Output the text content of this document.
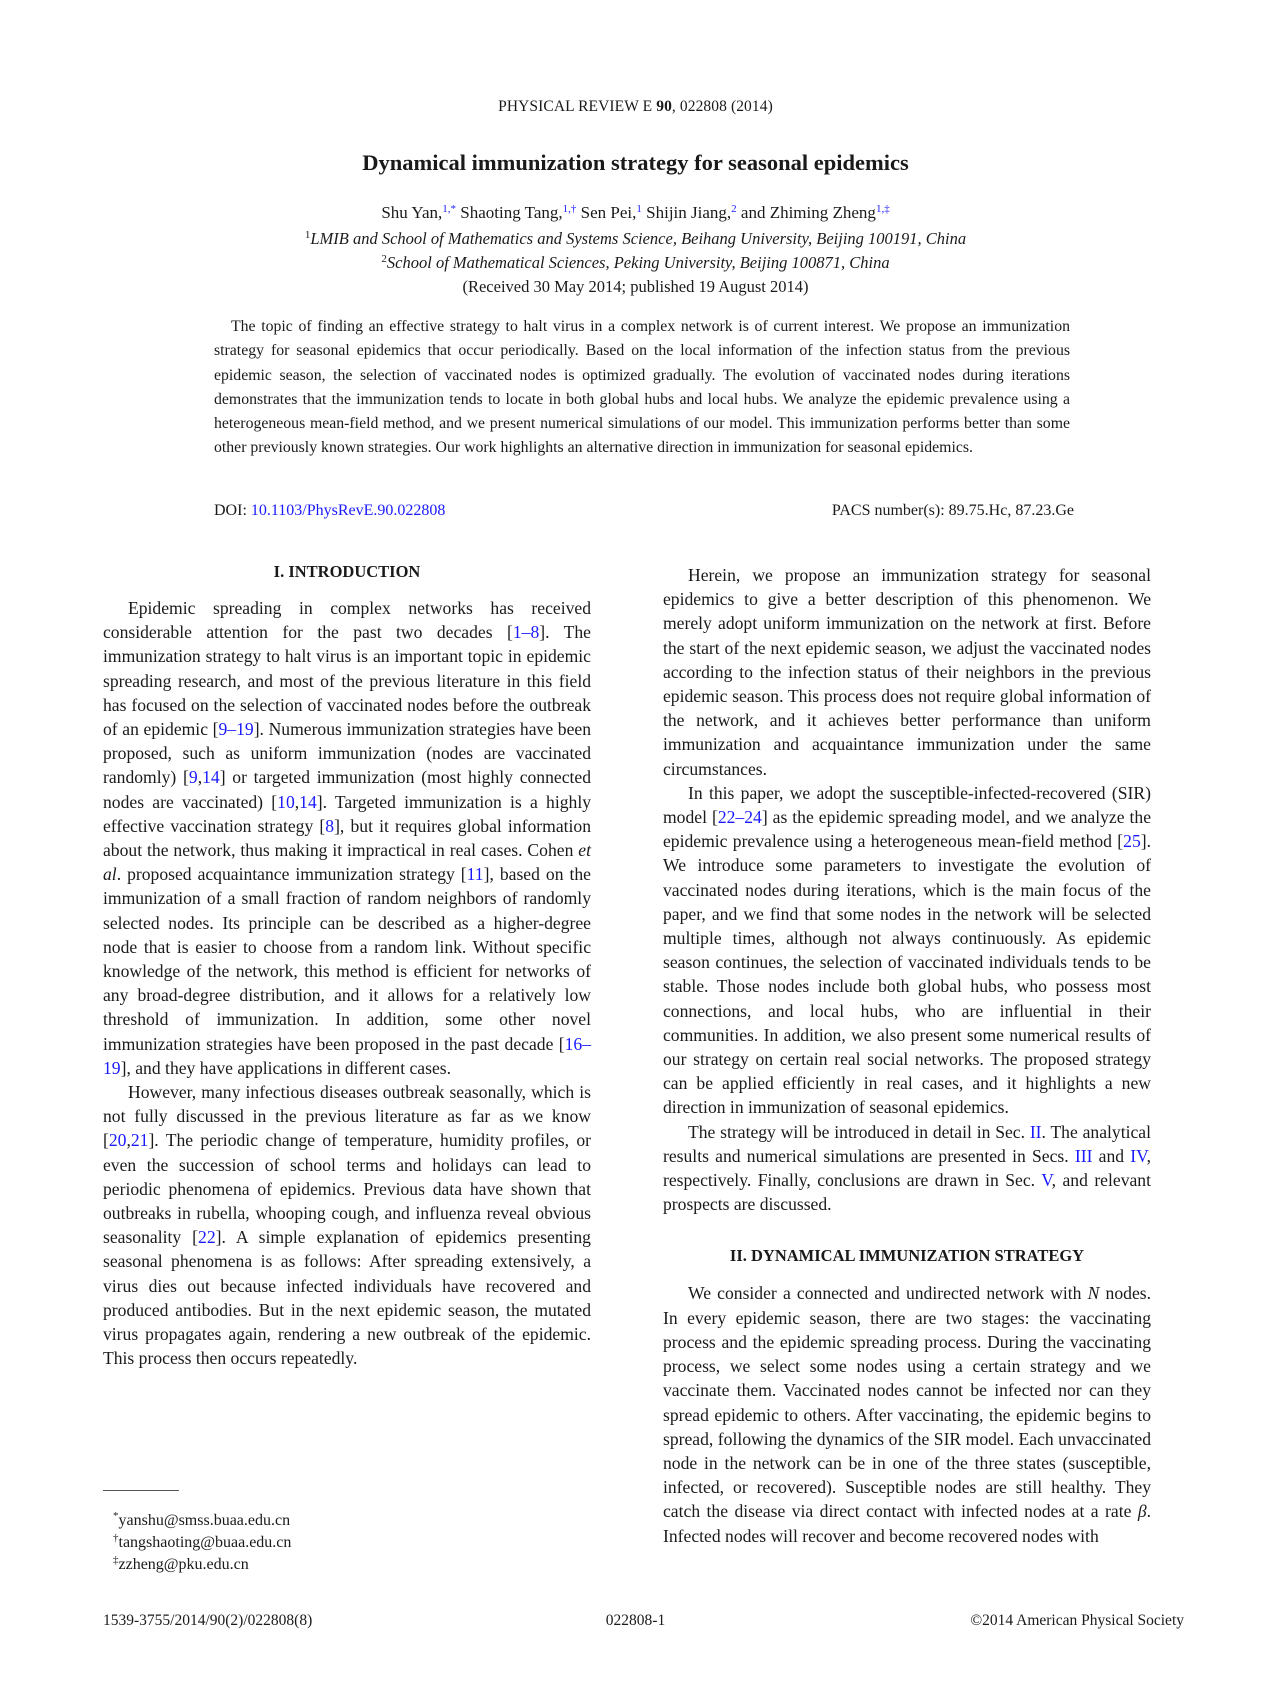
PHYSICAL REVIEW E 90, 022808 (2014)
Dynamical immunization strategy for seasonal epidemics
Shu Yan,$^{1,*}$ Shaoting Tang,$^{1,\dagger}$ Sen Pei,$^1$ Shijin Jiang,$^2$ and Zhiming Zheng$^{1,\ddagger}$
$^1$LMIB and School of Mathematics and Systems Science, Beihang University, Beijing 100191, China
$^2$School of Mathematical Sciences, Peking University, Beijing 100871, China
(Received 30 May 2014; published 19 August 2014)
The topic of finding an effective strategy to halt virus in a complex network is of current interest. We propose an immunization strategy for seasonal epidemics that occur periodically. Based on the local information of the infection status from the previous epidemic season, the selection of vaccinated nodes is optimized gradually. The evolution of vaccinated nodes during iterations demonstrates that the immunization tends to locate in both global hubs and local hubs. We analyze the epidemic prevalence using a heterogeneous mean-field method, and we present numerical simulations of our model. This immunization performs better than some other previously known strategies. Our work highlights an alternative direction in immunization for seasonal epidemics.
DOI: 10.1103/PhysRevE.90.022808	PACS number(s): 89.75.Hc, 87.23.Ge
I. INTRODUCTION

Epidemic spreading in complex networks has received considerable attention for the past two decades [1–8]. The immunization strategy to halt virus is an important topic in epidemic spreading research, and most of the previous literature in this field has focused on the selection of vaccinated nodes before the outbreak of an epidemic [9–19]. Numerous immunization strategies have been proposed, such as uniform immunization (nodes are vaccinated randomly) [9,14] or targeted immunization (most highly connected nodes are vaccinated) [10,14]. Targeted immunization is a highly effective vaccination strategy [8], but it requires global information about the network, thus making it impractical in real cases. Cohen et al. proposed acquaintance immunization strategy [11], based on the immunization of a small fraction of random neighbors of randomly selected nodes. Its principle can be described as a higher-degree node that is easier to choose from a random link. Without specific knowledge of the network, this method is efficient for networks of any broad-degree distribution, and it allows for a relatively low threshold of immunization. In addition, some other novel immunization strategies have been proposed in the past decade [16–19], and they have applications in different cases.

However, many infectious diseases outbreak seasonally, which is not fully discussed in the previous literature as far as we know [20,21]. The periodic change of temperature, humidity profiles, or even the succession of school terms and holidays can lead to periodic phenomena of epidemics. Previous data have shown that outbreaks in rubella, whooping cough, and influenza reveal obvious seasonality [22]. A simple explanation of epidemics presenting seasonal phenomena is as follows: After spreading extensively, a virus dies out because infected individuals have recovered and produced antibodies. But in the next epidemic season, the mutated virus propagates again, rendering a new outbreak of the epidemic. This process then occurs repeatedly.

Herein, we propose an immunization strategy for seasonal epidemics to give a better description of this phenomenon. We merely adopt uniform immunization on the network at first. Before the start of the next epidemic season, we adjust the vaccinated nodes according to the infection status of their neighbors in the previous epidemic season. This process does not require global information of the network, and it achieves better performance than uniform immunization and acquaintance immunization under the same circumstances.

In this paper, we adopt the susceptible-infected-recovered (SIR) model [22–24] as the epidemic spreading model, and we analyze the epidemic prevalence using a heterogeneous mean-field method [25]. We introduce some parameters to investigate the evolution of vaccinated nodes during iterations, which is the main focus of the paper, and we find that some nodes in the network will be selected multiple times, although not always continuously. As epidemic season continues, the selection of vaccinated individuals tends to be stable. Those nodes include both global hubs, who possess most connections, and local hubs, who are influential in their communities. In addition, we also present some numerical results of our strategy on certain real social networks. The proposed strategy can be applied efficiently in real cases, and it highlights a new direction in immunization of seasonal epidemics.

The strategy will be introduced in detail in Sec. II. The analytical results and numerical simulations are presented in Secs. III and IV, respectively. Finally, conclusions are drawn in Sec. V, and relevant prospects are discussed.

II. DYNAMICAL IMMUNIZATION STRATEGY

We consider a connected and undirected network with N nodes. In every epidemic season, there are two stages: the vaccinating process and the epidemic spreading process. During the vaccinating process, we select some nodes using a certain strategy and we vaccinate them. Vaccinated nodes cannot be infected nor can they spread epidemic to others. After vaccinating, the epidemic begins to spread, following the dynamics of the SIR model. Each unvaccinated node in the network can be in one of the three states (susceptible, infected, or recovered). Susceptible nodes are still healthy. They catch the disease via direct contact with infected nodes at a rate β. Infected nodes will recover and become recovered nodes with

*yanshu@smss.buaa.edu.cn
†tangshaoting@buaa.edu.cn
‡zzheng@pku.edu.cn
1539-3755/2014/90(2)/022808(8)	022808-1	©2014 American Physical Society
